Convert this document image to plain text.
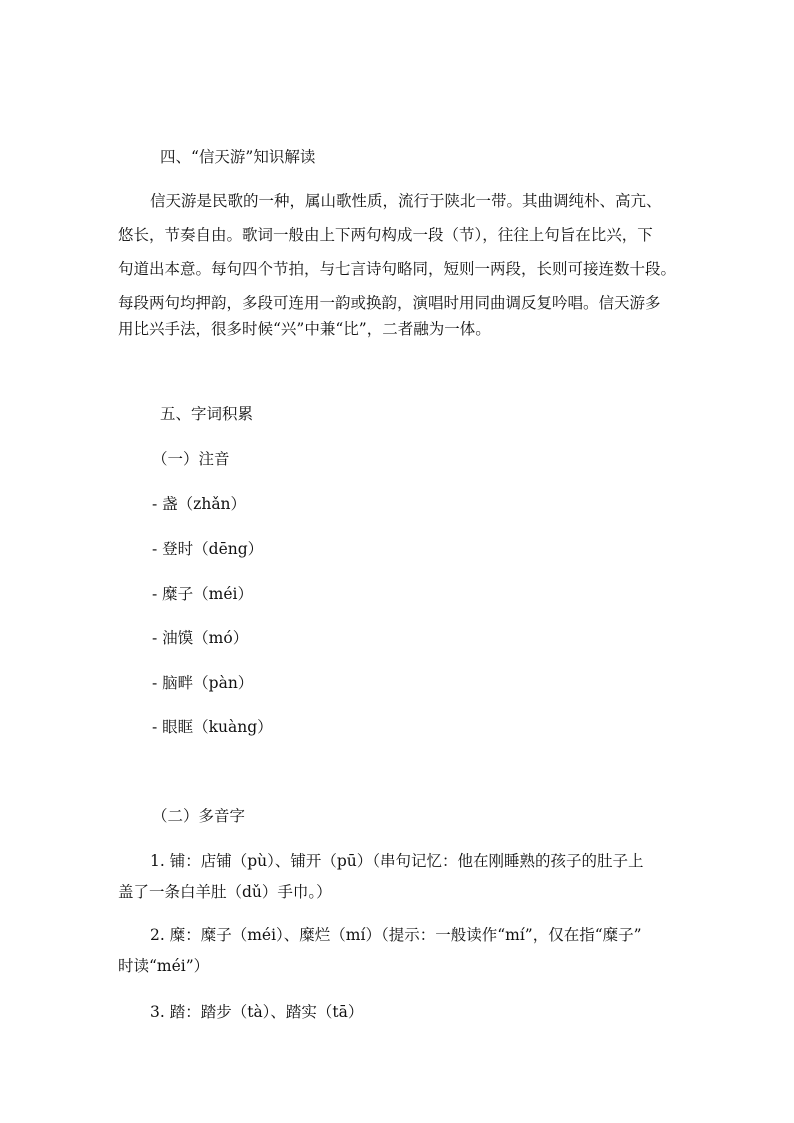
四、“信天游”知识解读
信天游是民歌的一种，属山歌性质，流行于陕北一带。其曲调纯朴、高亢、
悠长，节奏自由。歌词一般由上下两句构成一段（节），往往上句旨在比兴，下
句道出本意。每句四个节拍，与七言诗句略同，短则一两段，长则可接连数十段。
每段两句均押韵，多段可连用一韵或换韵，演唱时用同曲调反复吟唱。信天游多
用比兴手法，很多时候“兴”中兼“比”，二者融为一体。
五、字词积累
（一）注音
- 盏（zhǎn）
- 登时（dēng）
- 糜子（méi）
- 油馍（mó）
- 脑畔（pàn）
- 眼眶（kuàng）
（二）多音字
1. 铺：店铺（pù）、铺开（pū）（串句记忆：他在刚睡熟的孩子的肚子上
盖了一条白羊肚（dǔ）手巾。）
2. 糜：糜子（méi）、糜烂（mí）（提示：一般读作“mí”，仅在指“糜子”
时读“méi”）
3. 踏：踏步（tà）、踏实（tā）
